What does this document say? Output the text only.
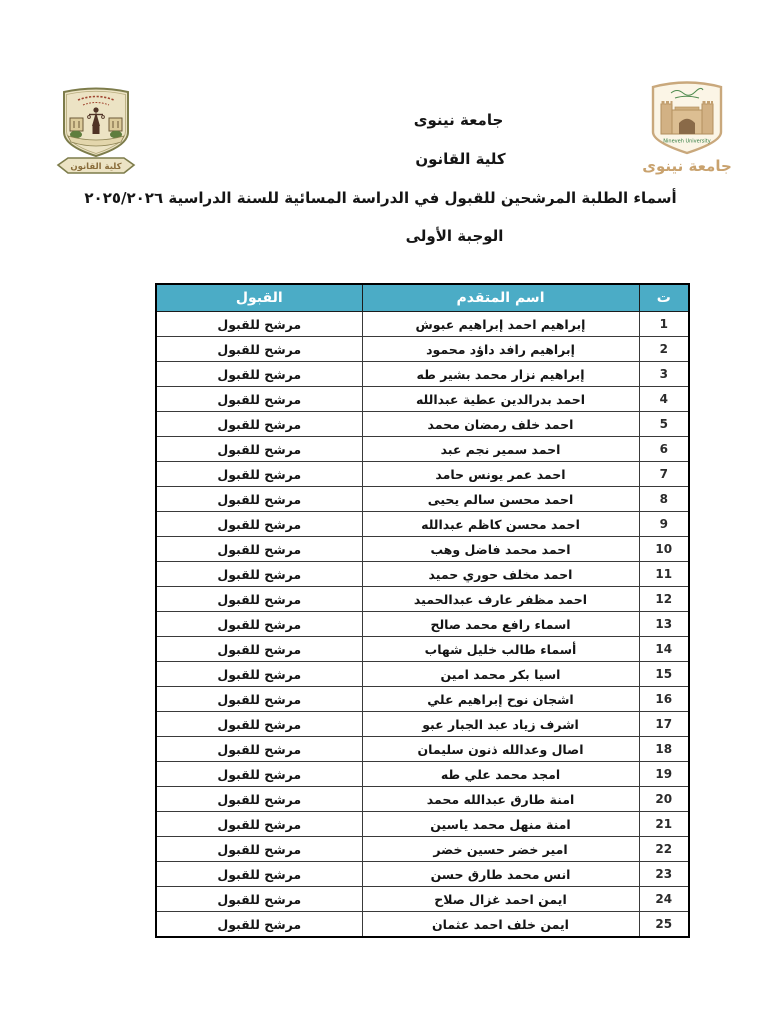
كلية القانون
Nineveh University
جامعة نينوى
جامعة نينوى
كلية القانون
أسماء الطلبة المرشحين للقبول في الدراسة المسائية للسنة الدراسية ٢٠٢٥/٢٠٢٦
الوجبة الأولى
ت	اسم المتقدم	القبول
1	إبراهيم احمد إبراهيم عبوش	مرشح للقبول
2	إبراهيم رافد داؤد محمود	مرشح للقبول
3	إبراهيم نزار محمد بشير طه	مرشح للقبول
4	احمد بدرالدين عطية عبدالله	مرشح للقبول
5	احمد خلف رمضان محمد	مرشح للقبول
6	احمد سمير نجم عبد	مرشح للقبول
7	احمد عمر يونس حامد	مرشح للقبول
8	احمد محسن سالم يحيى	مرشح للقبول
9	احمد محسن كاظم عبدالله	مرشح للقبول
10	احمد محمد فاضل وهب	مرشح للقبول
11	احمد مخلف حوري حميد	مرشح للقبول
12	احمد مظفر عارف عبدالحميد	مرشح للقبول
13	اسماء رافع محمد صالح	مرشح للقبول
14	أسماء طالب خليل شهاب	مرشح للقبول
15	اسيا بكر محمد امين	مرشح للقبول
16	اشجان نوح إبراهيم علي	مرشح للقبول
17	اشرف زياد عبد الجبار عبو	مرشح للقبول
18	اصال وعدالله ذنون سليمان	مرشح للقبول
19	امجد محمد علي طه	مرشح للقبول
20	امنة طارق عبدالله محمد	مرشح للقبول
21	امنة منهل محمد ياسين	مرشح للقبول
22	امير خضر حسين خضر	مرشح للقبول
23	انس محمد طارق حسن	مرشح للقبول
24	ايمن احمد غزال صلاح	مرشح للقبول
25	ايمن خلف احمد عثمان	مرشح للقبول
